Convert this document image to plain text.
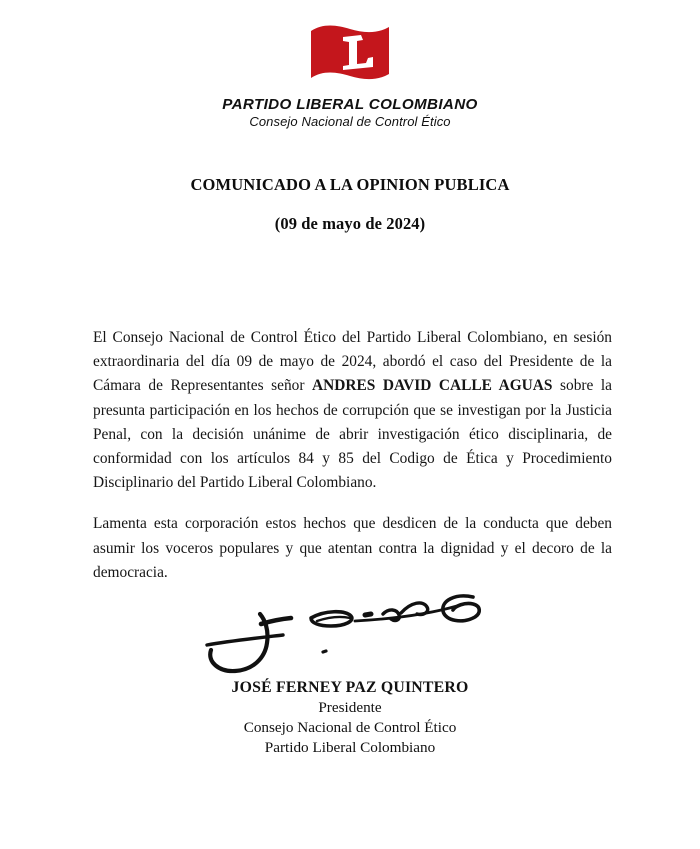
PARTIDO LIBERAL COLOMBIANO
Consejo Nacional de Control Ético
COMUNICADO A LA OPINION PUBLICA
(09 de mayo de 2024)

El Consejo Nacional de Control Ético del Partido Liberal Colombiano, en sesión extraordinaria del día 09 de mayo de 2024, abordó el caso del Presidente de la Cámara de Representantes señor ANDRES DAVID CALLE AGUAS sobre la presunta participación en los hechos de corrupción que se investigan por la Justicia Penal, con la decisión unánime de abrir investigación ético disciplinaria, de conformidad con los artículos 84 y 85 del Codigo de Ética y Procedimiento Disciplinario del Partido Liberal Colombiano.

Lamenta esta corporación estos hechos que desdicen de la conducta que deben asumir los voceros populares y que atentan contra la dignidad y el decoro de la democracia.

JOSÉ FERNEY PAZ QUINTERO
Presidente
Consejo Nacional de Control Ético
Partido Liberal Colombiano
